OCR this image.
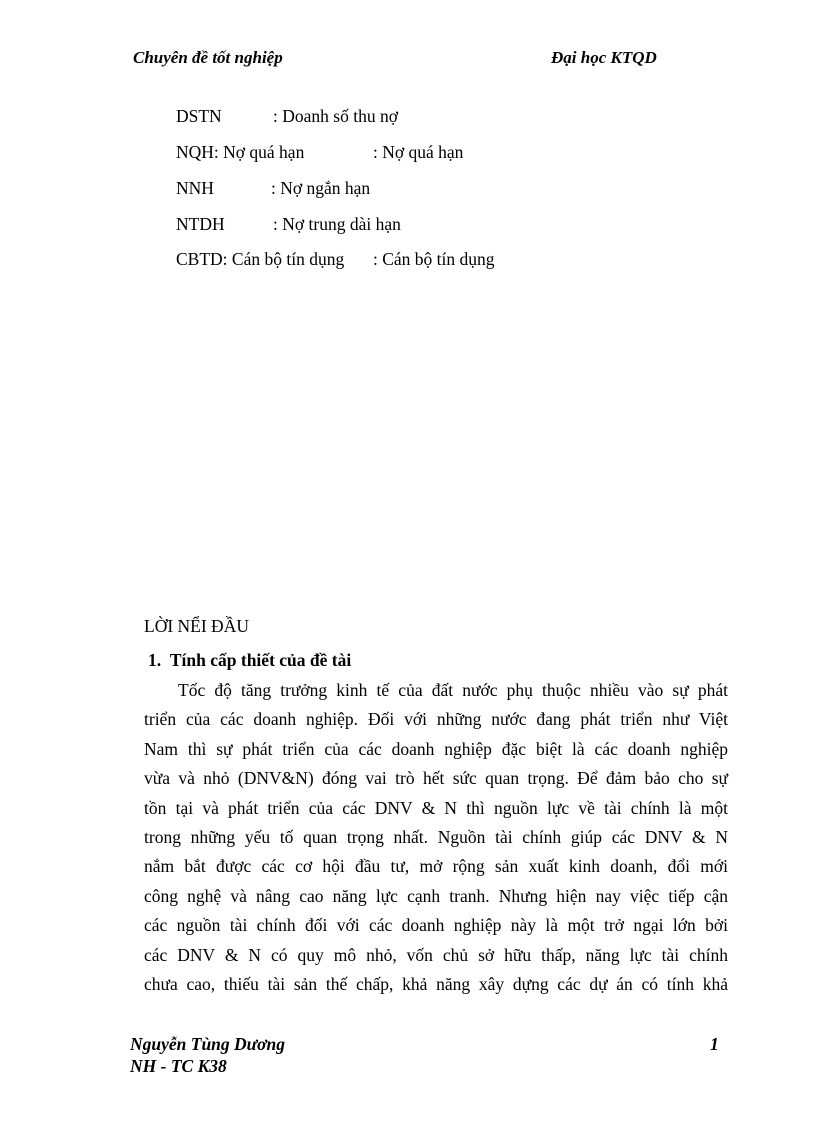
Chuyên đề tốt nghiệp	Đại học KTQD
DSTN	: Doanh số thu nợ
NQH: Nợ quá hạn	: Nợ quá hạn
NNH	: Nợ ngắn hạn
NTDH	: Nợ trung dài hạn
CBTD: Cán bộ tín dụng : Cán bộ tín dụng
LỜI NỂI ĐẦU
1. Tính cấp thiết của đề tài
Tốc độ tăng trưởng kinh tế của đất nước phụ thuộc nhiều vào sự phát
triển của các doanh nghiệp. Đối với những nước đang phát triển như Việt
Nam thì sự phát triển của các doanh nghiệp đặc biệt là các doanh nghiệp
vừa và nhỏ (DNV&N) đóng vai trò hết sức quan trọng. Để đảm bảo cho sự
tồn tại và phát triển của các DNV & N thì nguồn lực về tài chính là một
trong những yếu tố quan trọng nhất. Nguồn tài chính giúp các DNV & N
nắm bắt được các cơ hội đầu tư, mở rộng sản xuất kinh doanh, đổi mới
công nghệ và nâng cao năng lực cạnh tranh. Nhưng hiện nay việc tiếp cận
các nguồn tài chính đối với các doanh nghiệp này là một trở ngại lớn bởi
các DNV & N có quy mô nhỏ, vốn chủ sở hữu thấp, năng lực tài chính
chưa cao, thiếu tài sản thế chấp, khả năng xây dựng các dự án có tính khả
Nguyễn Tùng Dương
NH - TC K38
1
